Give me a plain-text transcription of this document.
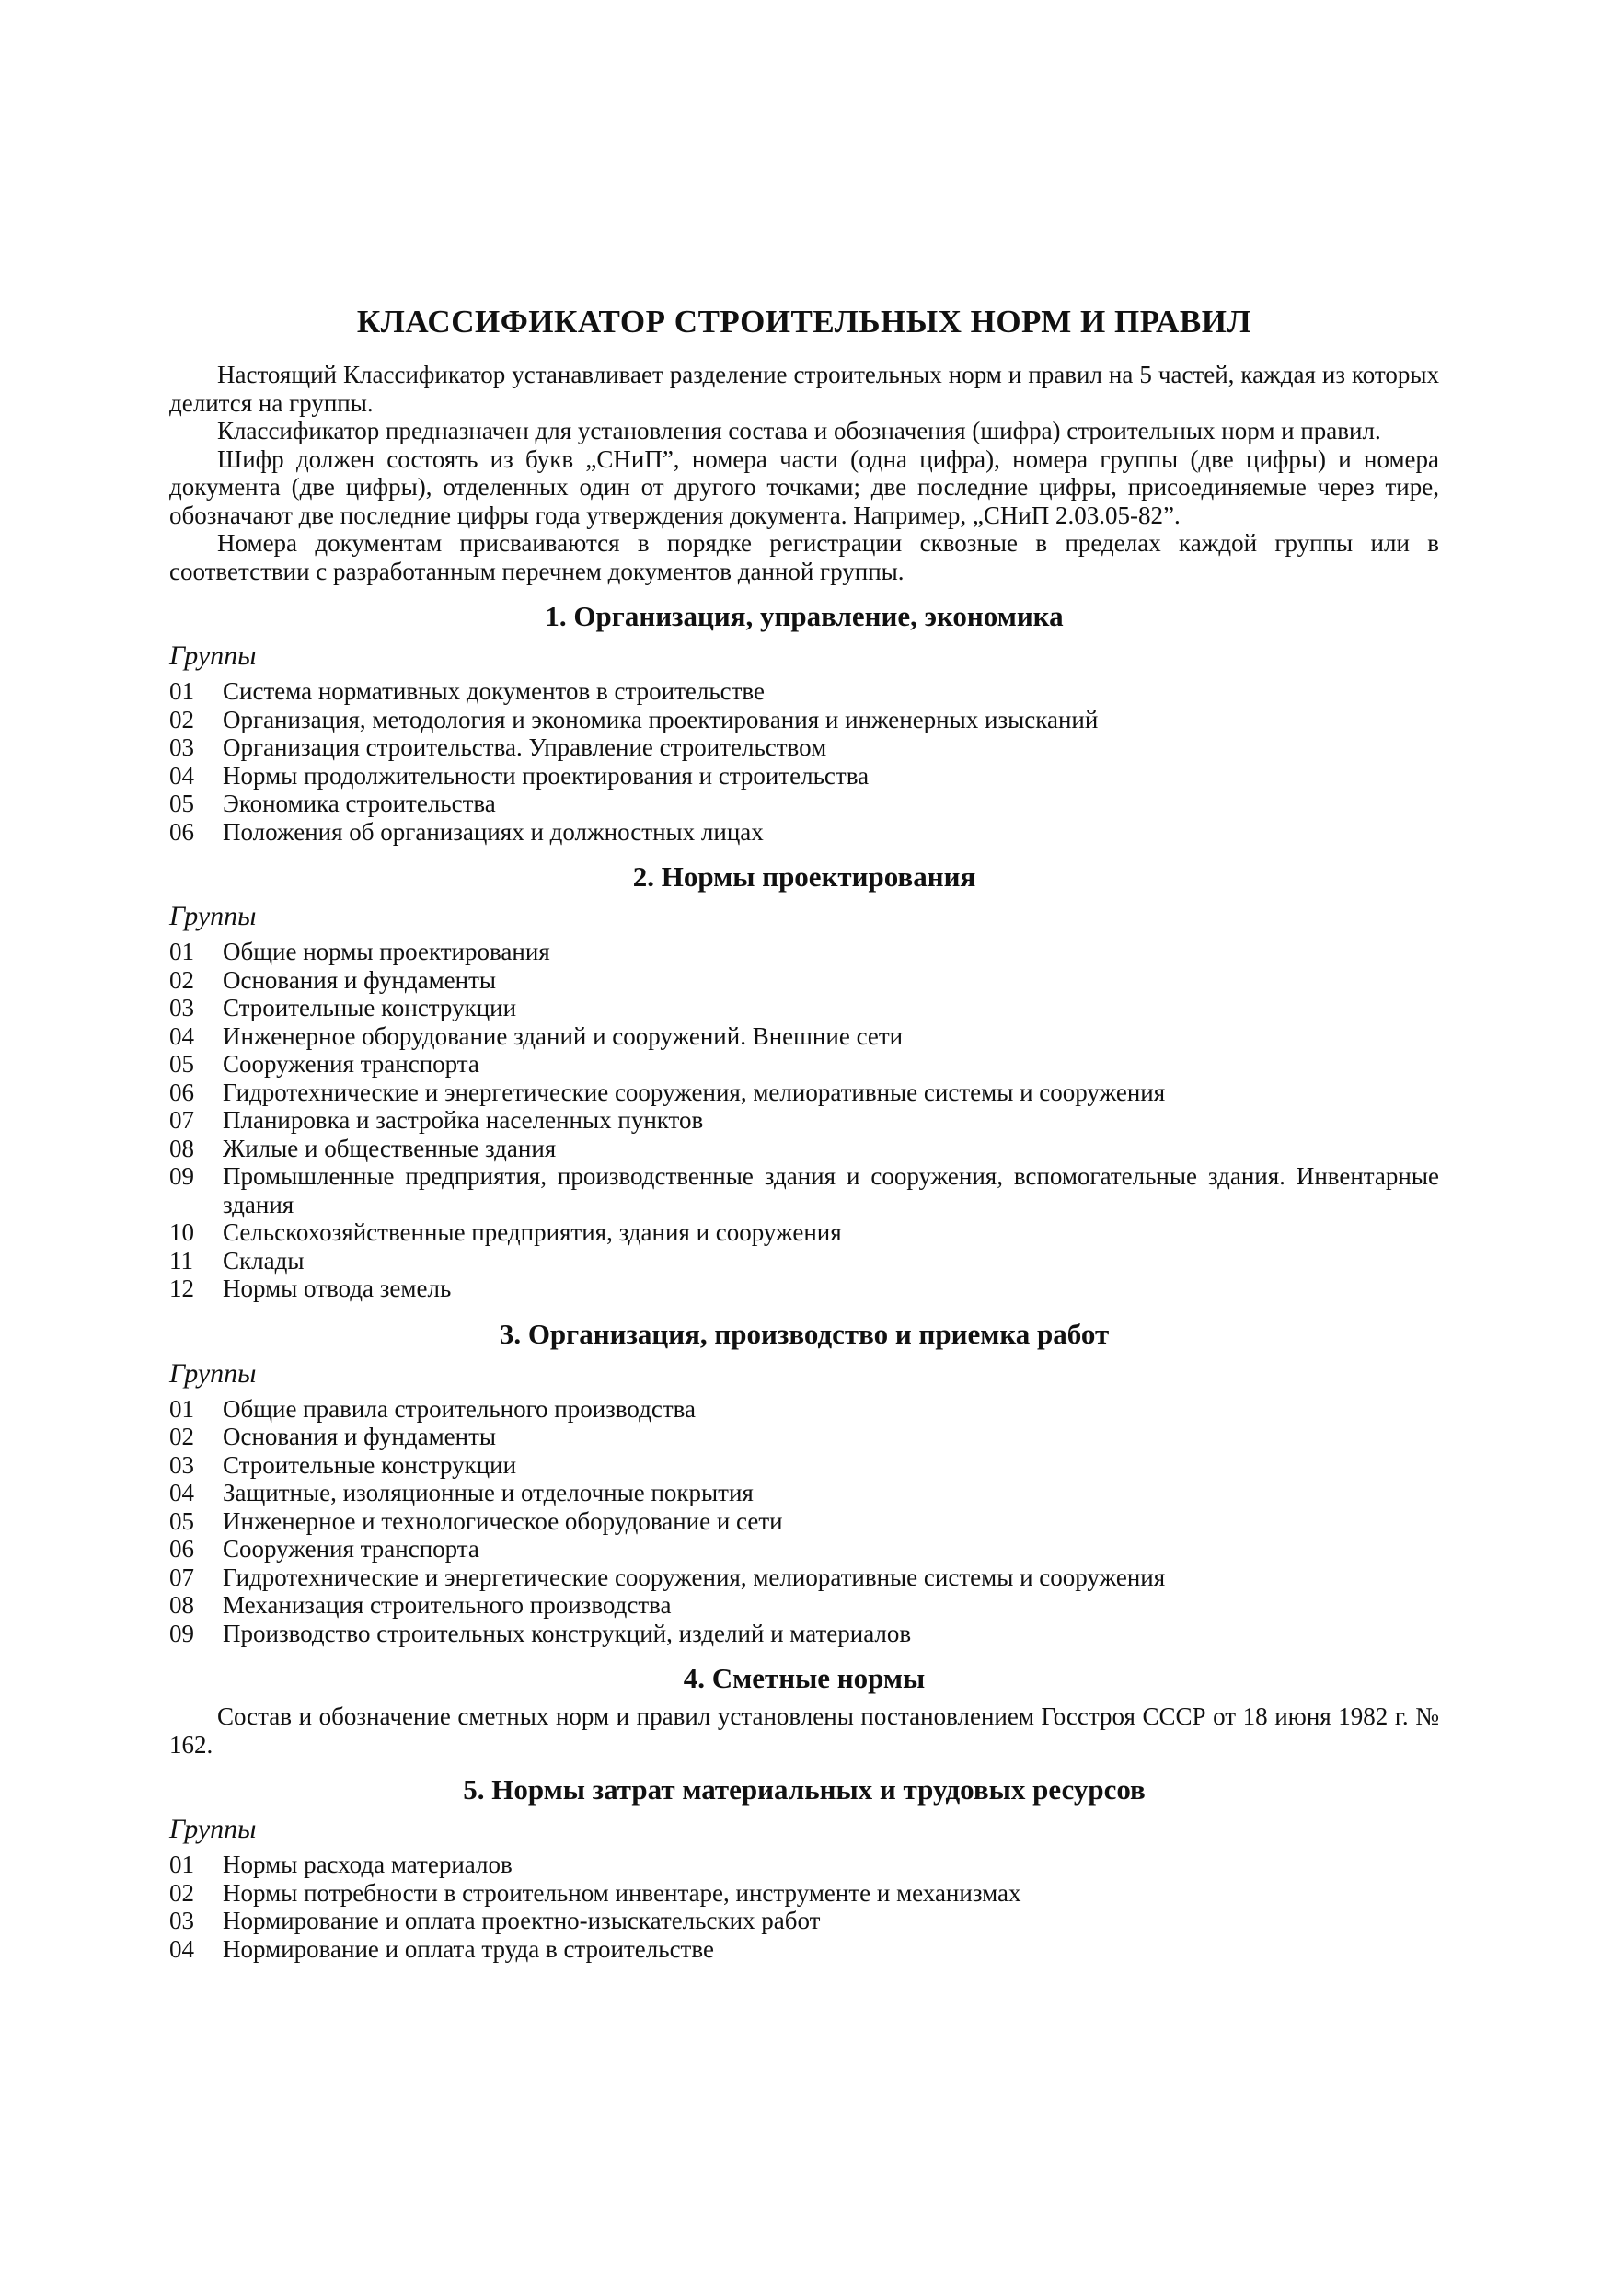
КЛАССИФИКАТОР СТРОИТЕЛЬНЫХ НОРМ И ПРАВИЛ

Настоящий Классификатор устанавливает разделение строительных норм и правил на 5 частей, каждая из которых делится на группы.

Классификатор предназначен для установления состава и обозначения (шифра) строительных норм и правил.

Шифр должен состоять из букв „СНиП”, номера части (одна цифра), номера группы (две цифры) и номера документа (две цифры), отделенных один от другого точками; две последние цифры, присоединяемые через тире, обозначают две последние цифры года утверждения документа. Например, „СНиП 2.03.05-82”.

Номера документам присваиваются в порядке регистрации сквозные в пределах каждой группы или в соответствии с разработанным перечнем документов данной группы.

1. Организация, управление, экономика
Группы
01	Система нормативных документов в строительстве
02	Организация, методология и экономика проектирования и инженерных изысканий
03	Организация строительства. Управление строительством
04	Нормы продолжительности проектирования и строительства
05	Экономика строительства
06	Положения об организациях и должностных лицах
2. Нормы проектирования
Группы
01	Общие нормы проектирования
02	Основания и фундаменты
03	Строительные конструкции
04	Инженерное оборудование зданий и сооружений. Внешние сети
05	Сооружения транспорта
06	Гидротехнические и энергетические сооружения, мелиоративные системы и сооружения
07	Планировка и застройка населенных пунктов
08	Жилые и общественные здания
09	Промышленные предприятия, производственные здания и сооружения, вспомогательные здания. Инвентарные здания
10	Сельскохозяйственные предприятия, здания и сооружения
11	Склады
12	Нормы отвода земель
3. Организация, производство и приемка работ
Группы
01	Общие правила строительного производства
02	Основания и фундаменты
03	Строительные конструкции
04	Защитные, изоляционные и отделочные покрытия
05	Инженерное и технологическое оборудование и сети
06	Сооружения транспорта
07	Гидротехнические и энергетические сооружения, мелиоративные системы и сооружения
08	Механизация строительного производства
09	Производство строительных конструкций, изделий и материалов
4. Сметные нормы

Состав и обозначение сметных норм и правил установлены постановлением Госстроя СССР от 18 июня 1982 г. № 162.

5. Нормы затрат материальных и трудовых ресурсов
Группы
01	Нормы расхода материалов
02	Нормы потребности в строительном инвентаре, инструменте и механизмах
03	Нормирование и оплата проектно-изыскательских работ
04	Нормирование и оплата труда в строительстве
